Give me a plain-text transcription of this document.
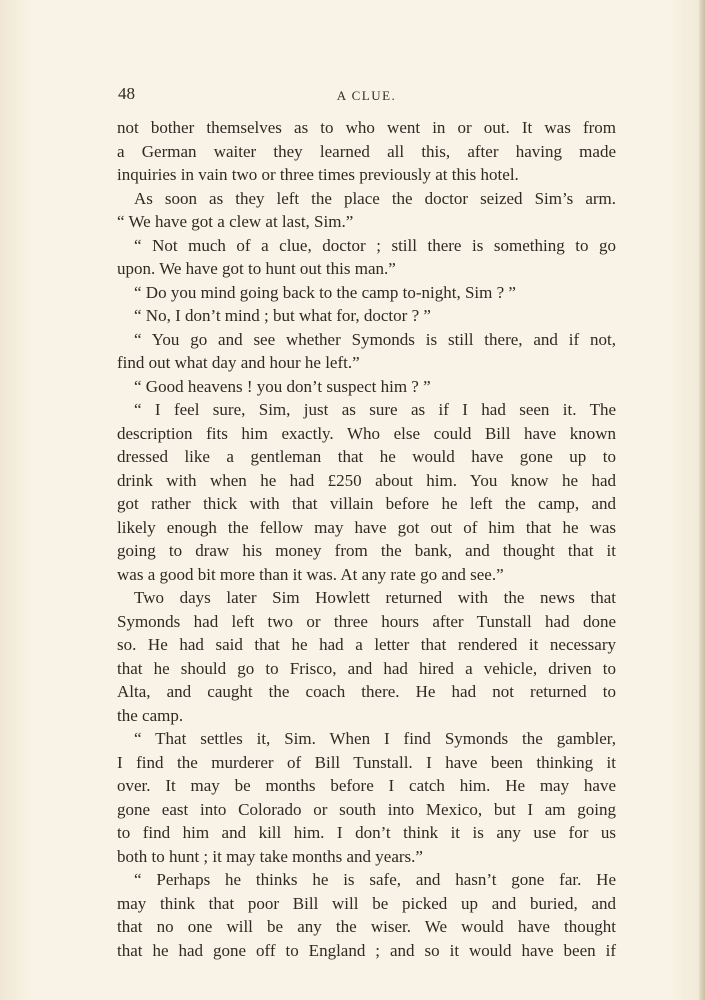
48	A CLUE.
not bother themselves as to who went in or out. It was from
a German waiter they learned all this, after having made
inquiries in vain two or three times previously at this hotel.
As soon as they left the place the doctor seized Sim’s arm.
“ We have got a clew at last, Sim.”
“ Not much of a clue, doctor ; still there is something to go
upon. We have got to hunt out this man.”
“ Do you mind going back to the camp to-night, Sim ? ”
“ No, I don’t mind ; but what for, doctor ? ”
“ You go and see whether Symonds is still there, and if not,
find out what day and hour he left.”
“ Good heavens ! you don’t suspect him ? ”
“ I feel sure, Sim, just as sure as if I had seen it. The
description fits him exactly. Who else could Bill have known
dressed like a gentleman that he would have gone up to
drink with when he had £250 about him. You know he had
got rather thick with that villain before he left the camp, and
likely enough the fellow may have got out of him that he was
going to draw his money from the bank, and thought that it
was a good bit more than it was. At any rate go and see.”
Two days later Sim Howlett returned with the news that
Symonds had left two or three hours after Tunstall had done
so. He had said that he had a letter that rendered it necessary
that he should go to Frisco, and had hired a vehicle, driven to
Alta, and caught the coach there. He had not returned to
the camp.
“ That settles it, Sim. When I find Symonds the gambler,
I find the murderer of Bill Tunstall. I have been thinking it
over. It may be months before I catch him. He may have
gone east into Colorado or south into Mexico, but I am going
to find him and kill him. I don’t think it is any use for us
both to hunt ; it may take months and years.”
“ Perhaps he thinks he is safe, and hasn’t gone far. He
may think that poor Bill will be picked up and buried, and
that no one will be any the wiser. We would have thought
that he had gone off to England ; and so it would have been if
